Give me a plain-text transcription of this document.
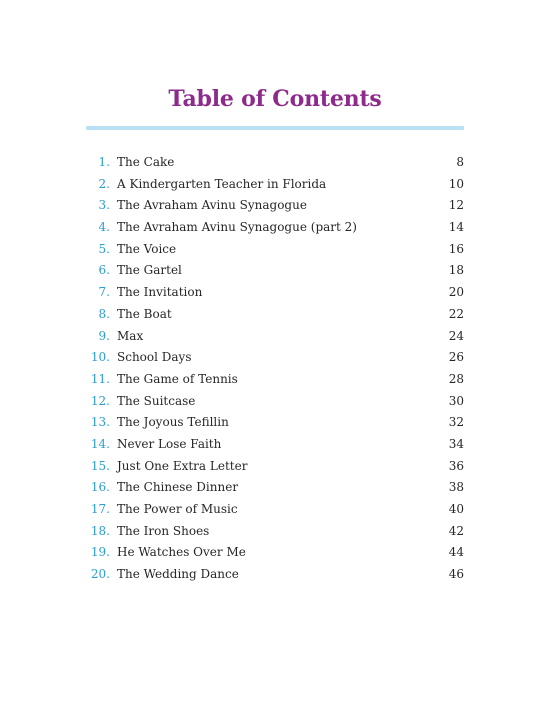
Table of Contents
1. The Cake	8
2. A Kindergarten Teacher in Florida	10
3. The Avraham Avinu Synagogue	12
4. The Avraham Avinu Synagogue (part 2)	14
5. The Voice	16
6. The Gartel	18
7. The Invitation	20
8. The Boat	22
9. Max	24
10. School Days	26
11. The Game of Tennis	28
12. The Suitcase	30
13. The Joyous Tefillin	32
14. Never Lose Faith	34
15. Just One Extra Letter	36
16. The Chinese Dinner	38
17. The Power of Music	40
18. The Iron Shoes	42
19. He Watches Over Me	44
20. The Wedding Dance	46
